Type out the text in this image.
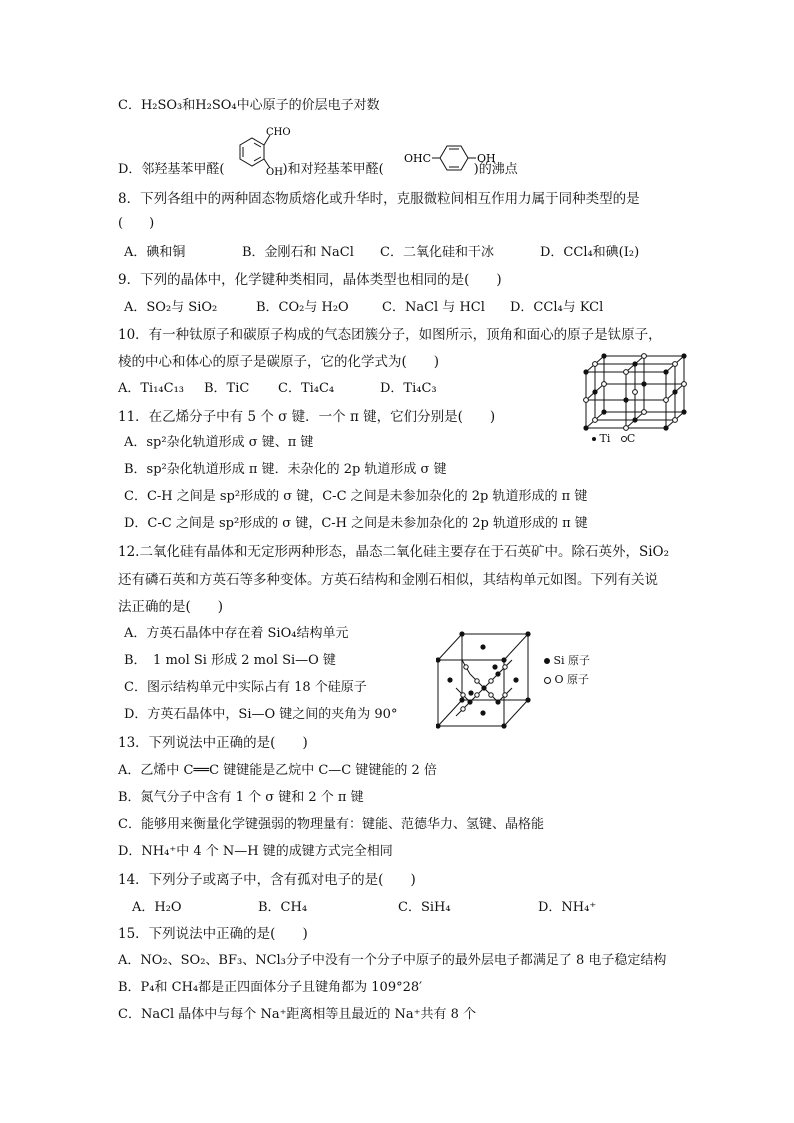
C．H₂SO₃和H₂SO₄中心原子的价层电子对数
D．邻羟基苯甲醛(	)和对羟基苯甲醛(	)的沸点
CHO
OH
OHC	OH
8．下列各组中的两种固态物质熔化或升华时，克服微粒间相互作用力属于同种类型的是
(　　)
A．碘和铜	B．金刚石和 NaCl C．二氧化硅和干冰	D．CCl₄和碘(I₂)
9．下列的晶体中，化学键种类相同，晶体类型也相同的是(　　)
A．SO₂与 SiO₂	B．CO₂与 H₂O	C．NaCl 与 HCl D．CCl₄与 KCl
10．有一种钛原子和碳原子构成的气态团簇分子，如图所示，顶角和面心的原子是钛原子，
棱的中心和体心的原子是碳原子，它的化学式为(　　)
A．Ti₁₄C₁₃ B．TiC C．Ti₄C₄	D．Ti₄C₃
Ti C
11．在乙烯分子中有 5 个 σ 键．一个 π 键，它们分别是(　　)
A．sp²杂化轨道形成 σ 键、π 键
B．sp²杂化轨道形成 π 键．未杂化的 2p 轨道形成 σ 键
C．C-H 之间是 sp²形成的 σ 键，C-C 之间是未参加杂化的 2p 轨道形成的 π 键
D．C-C 之间是 sp²形成的 σ 键，C-H 之间是未参加杂化的 2p 轨道形成的 π 键
12.二氧化硅有晶体和无定形两种形态，晶态二氧化硅主要存在于石英矿中。除石英外，SiO₂
还有磷石英和方英石等多种变体。方英石结构和金刚石相似，其结构单元如图。下列有关说
法正确的是(　　)
A．方英石晶体中存在着 SiO₄结构单元
B．　1 mol Si 形成 2 mol Si—O 键
C．图示结构单元中实际占有 18 个硅原子
D．方英石晶体中，Si—O 键之间的夹角为 90°
Si 原子
O 原子
13．下列说法中正确的是(　　)
A．乙烯中 C══C 键键能是乙烷中 C—C 键键能的 2 倍
B．氮气分子中含有 1 个 σ 键和 2 个 π 键
C．能够用来衡量化学键强弱的物理量有：键能、范德华力、氢键、晶格能
D．NH₄⁺中 4 个 N—H 键的成键方式完全相同
14．下列分子或离子中，含有孤对电子的是(　　)
A．H₂O	B．CH₄	C．SiH₄	D．NH₄⁺
15．下列说法中正确的是(　　)
A．NO₂、SO₂、BF₃、NCl₃分子中没有一个分子中原子的最外层电子都满足了 8 电子稳定结构
B．P₄和 CH₄都是正四面体分子且键角都为 109°28′
C．NaCl 晶体中与每个 Na⁺距离相等且最近的 Na⁺共有 8 个
